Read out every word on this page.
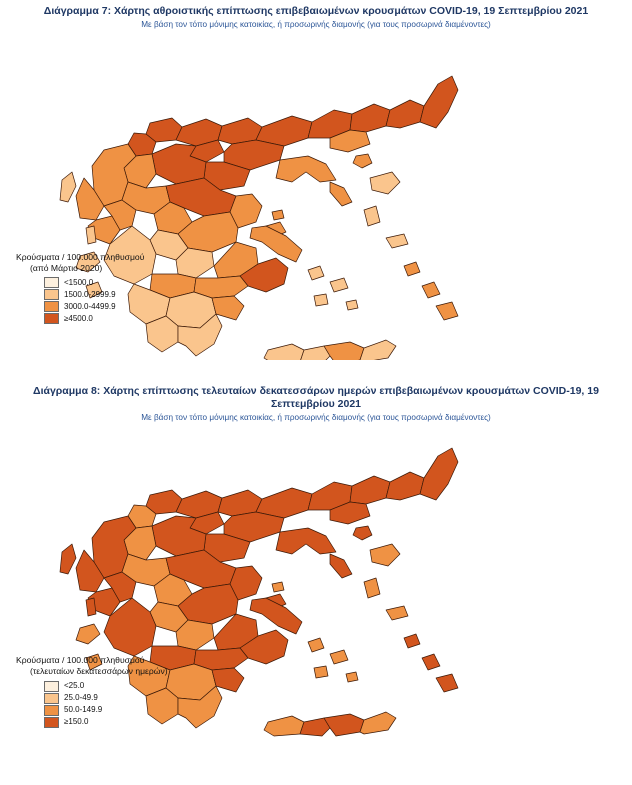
Διάγραμμα 7: Χάρτης αθροιστικής επίπτωσης επιβεβαιωμένων κρουσμάτων COVID-19, 19 Σεπτεμβρίου 2021
Με βάση τον τόπο μόνιμης κατοικίας, ή προσωρινής διαμονής (για τους προσωρινά διαμένοντες)
Κρούσματα / 100.000 πληθυσμού
(από Μάρτιο 2020)
<1500.0
1500.0-2999.9
3000.0-4499.9
≥4500.0
Διάγραμμα 8: Χάρτης επίπτωσης τελευταίων δεκατεσσάρων ημερών επιβεβαιωμένων κρουσμάτων COVID-19, 19 Σεπτεμβρίου 2021
Με βάση τον τόπο μόνιμης κατοικίας, ή προσωρινής διαμονής (για τους προσωρινά διαμένοντες)
Κρούσματα / 100.000 πληθυσμού
(τελευταίων δεκατεσσάρων ημερών)
<25.0
25.0-49.9
50.0-149.9
≥150.0
